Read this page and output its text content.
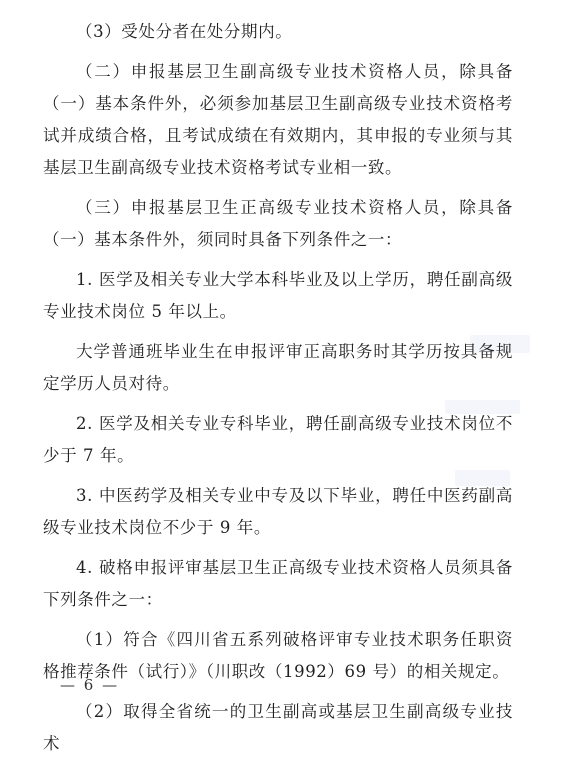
（3）受处分者在处分期内。

（二）申报基层卫生副高级专业技术资格人员，除具备（一）基本条件外，必须参加基层卫生副高级专业技术资格考试并成绩合格，且考试成绩在有效期内，其申报的专业须与其基层卫生副高级专业技术资格考试专业相一致。

（三）申报基层卫生正高级专业技术资格人员，除具备（一）基本条件外，须同时具备下列条件之一：

1. 医学及相关专业大学本科毕业及以上学历，聘任副高级专业技术岗位 5 年以上。

大学普通班毕业生在申报评审正高职务时其学历按具备规定学历人员对待。

2. 医学及相关专业专科毕业，聘任副高级专业技术岗位不少于 7 年。

3. 中医药学及相关专业中专及以下毕业，聘任中医药副高级专业技术岗位不少于 9 年。

4. 破格申报评审基层卫生正高级专业技术资格人员须具备下列条件之一：

（1）符合《四川省五系列破格评审专业技术职务任职资格推荐条件（试行）》（川职改（1992）69 号）的相关规定。

（2）取得全省统一的卫生副高或基层卫生副高级专业技术

— 6 —
